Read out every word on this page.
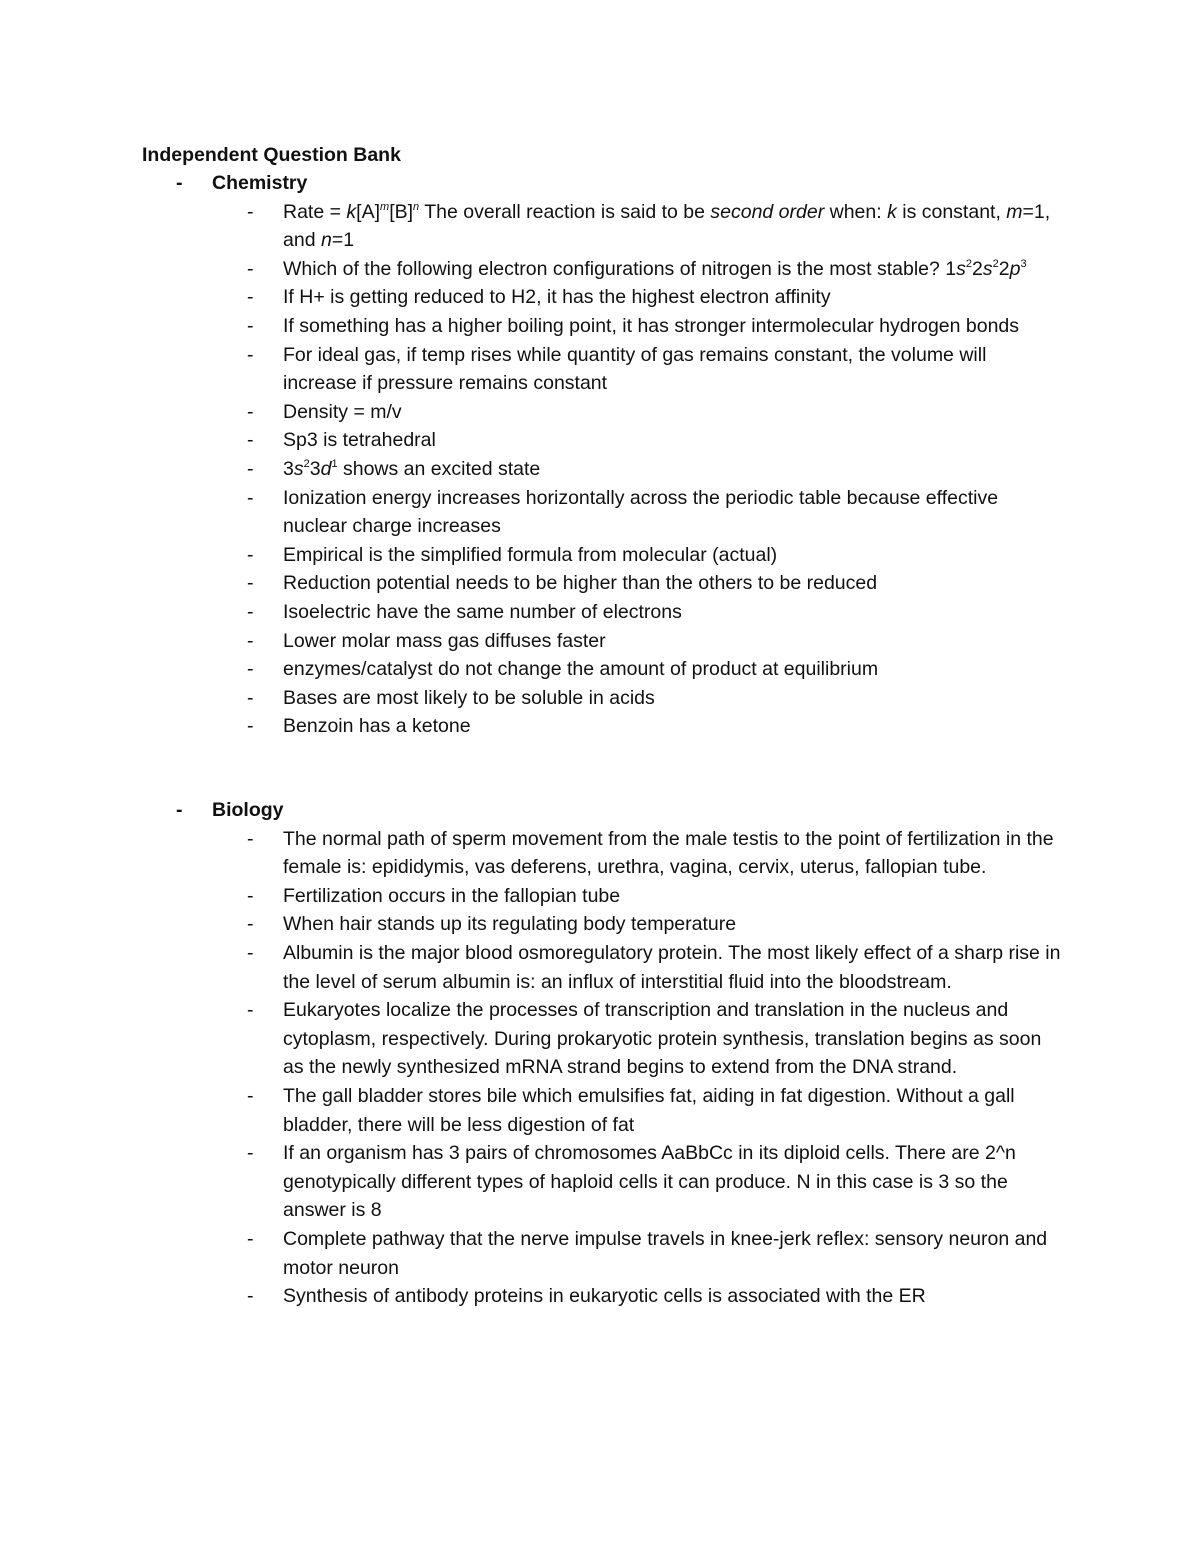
Independent Question Bank
- Chemistry
- Rate = $k[A]^m[B]^n$ The overall reaction is said to be second order when: k is constant, m=1, and n=1
- Which of the following electron configurations of nitrogen is the most stable? $1s^22s^22p^3$
- If H+ is getting reduced to H2, it has the highest electron affinity
- If something has a higher boiling point, it has stronger intermolecular hydrogen bonds
- For ideal gas, if temp rises while quantity of gas remains constant, the volume will increase if pressure remains constant
- Density = m/v
- Sp3 is tetrahedral
- $3s^23d^1$ shows an excited state
- Ionization energy increases horizontally across the periodic table because effective nuclear charge increases
- Empirical is the simplified formula from molecular (actual)
- Reduction potential needs to be higher than the others to be reduced
- Isoelectric have the same number of electrons
- Lower molar mass gas diffuses faster
- enzymes/catalyst do not change the amount of product at equilibrium
- Bases are most likely to be soluble in acids
- Benzoin has a ketone
- Biology
- The normal path of sperm movement from the male testis to the point of fertilization in the female is: epididymis, vas deferens, urethra, vagina, cervix, uterus, fallopian tube.
- Fertilization occurs in the fallopian tube
- When hair stands up its regulating body temperature
- Albumin is the major blood osmoregulatory protein. The most likely effect of a sharp rise in the level of serum albumin is: an influx of interstitial fluid into the bloodstream.
- Eukaryotes localize the processes of transcription and translation in the nucleus and cytoplasm, respectively. During prokaryotic protein synthesis, translation begins as soon as the newly synthesized mRNA strand begins to extend from the DNA strand.
- The gall bladder stores bile which emulsifies fat, aiding in fat digestion. Without a gall bladder, there will be less digestion of fat
- If an organism has 3 pairs of chromosomes AaBbCc in its diploid cells. There are 2^n genotypically different types of haploid cells it can produce. N in this case is 3 so the answer is 8
- Complete pathway that the nerve impulse travels in knee-jerk reflex: sensory neuron and motor neuron
- Synthesis of antibody proteins in eukaryotic cells is associated with the ER
